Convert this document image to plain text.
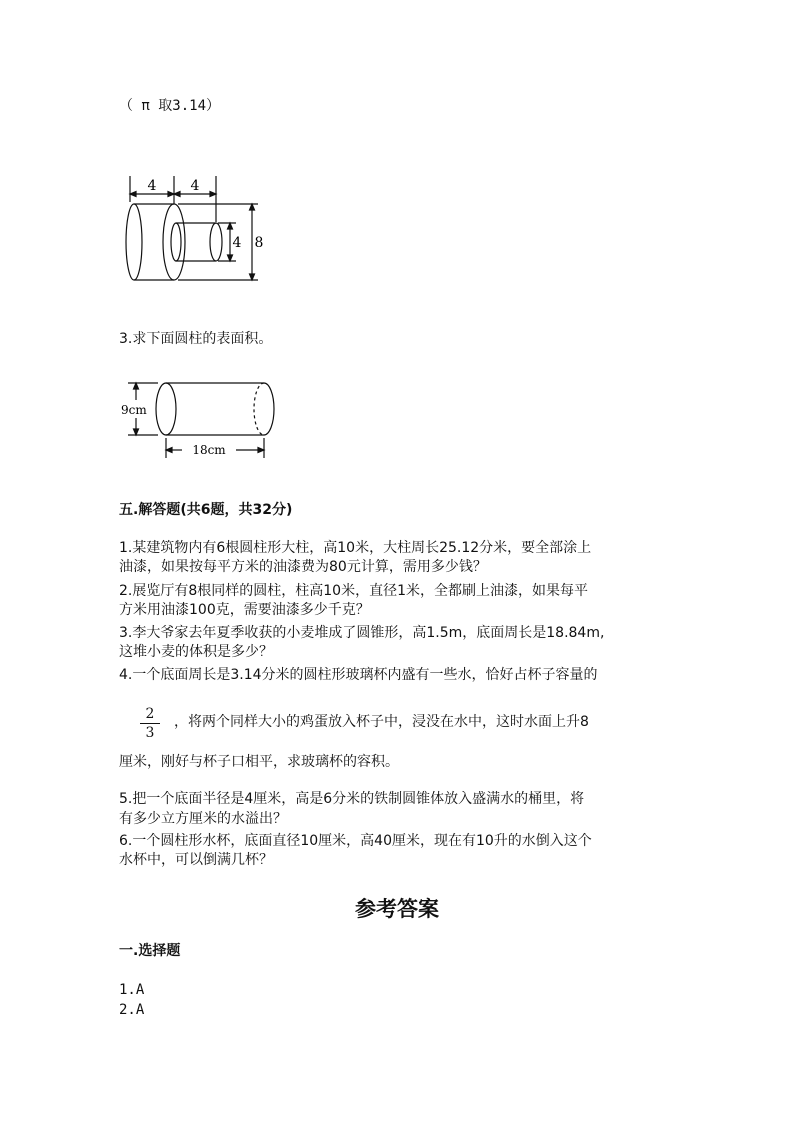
（ π 取3.14）
4 4
4 8
3.求下面圆柱的表面积。
9cm
18cm
五.解答题(共6题，共32分)
1.某建筑物内有6根圆柱形大柱，高10米，大柱周长25.12分米，要全部涂上
油漆，如果按每平方米的油漆费为80元计算，需用多少钱？
2.展览厅有8根同样的圆柱，柱高10米，直径1米，全都刷上油漆，如果每平
方米用油漆100克，需要油漆多少千克？
3.李大爷家去年夏季收获的小麦堆成了圆锥形，高1.5m，底面周长是18.84m,
这堆小麦的体积是多少？
4.一个底面周长是3.14分米的圆柱形玻璃杯内盛有一些水，恰好占杯子容量的
2
3
，将两个同样大小的鸡蛋放入杯子中，浸没在水中，这时水面上升8
厘米，刚好与杯子口相平，求玻璃杯的容积。
5.把一个底面半径是4厘米，高是6分米的铁制圆锥体放入盛满水的桶里，将
有多少立方厘米的水溢出？
6.一个圆柱形水杯，底面直径10厘米，高40厘米，现在有10升的水倒入这个
水杯中，可以倒满几杯？
参考答案
一.选择题
1.A
2.A
